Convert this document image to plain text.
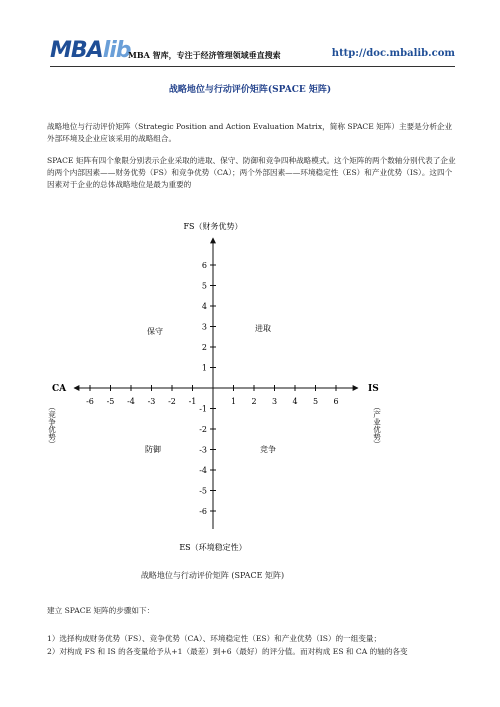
MBAlib
MBA 智库，专注于经济管理领域垂直搜索	http://doc.mbalib.com
战略地位与行动评价矩阵(SPACE 矩阵)
战略地位与行动评价矩阵（Strategic Position and Action Evaluation Matrix，简称 SPACE 矩阵）主要是分析企业外部环境及企业应该采用的战略组合。
SPACE 矩阵有四个象限分别表示企业采取的进取、保守、防御和竞争四种战略模式。这个矩阵的两个数轴分别代表了企业的两个内部因素——财务优势（FS）和竞争优势（CA）；两个外部因素——环境稳定性（ES）和产业优势（IS）。这四个因素对于企业的总体战略地位是最为重要的
-6 -5 -4 -3 -2 -1	1 2 3 4 5 6
6
5
4
3
2
1
-1
-2
-3
-4
-5
-6
FS（财务优势）
ES（环境稳定性）
CA	IS
（竞争优势）	（产业优势）
保守	进取
防御	竞争
战略地位与行动评价矩阵 (SPACE 矩阵)
建立 SPACE 矩阵的步骤如下：
1）选择构成财务优势（FS）、竞争优势（CA）、环境稳定性（ES）和产业优势（IS）的一组变量；
2）对构成 FS 和 IS 的各变量给予从+1（最差）到+6（最好）的评分值。而对构成 ES 和 CA 的轴的各变
